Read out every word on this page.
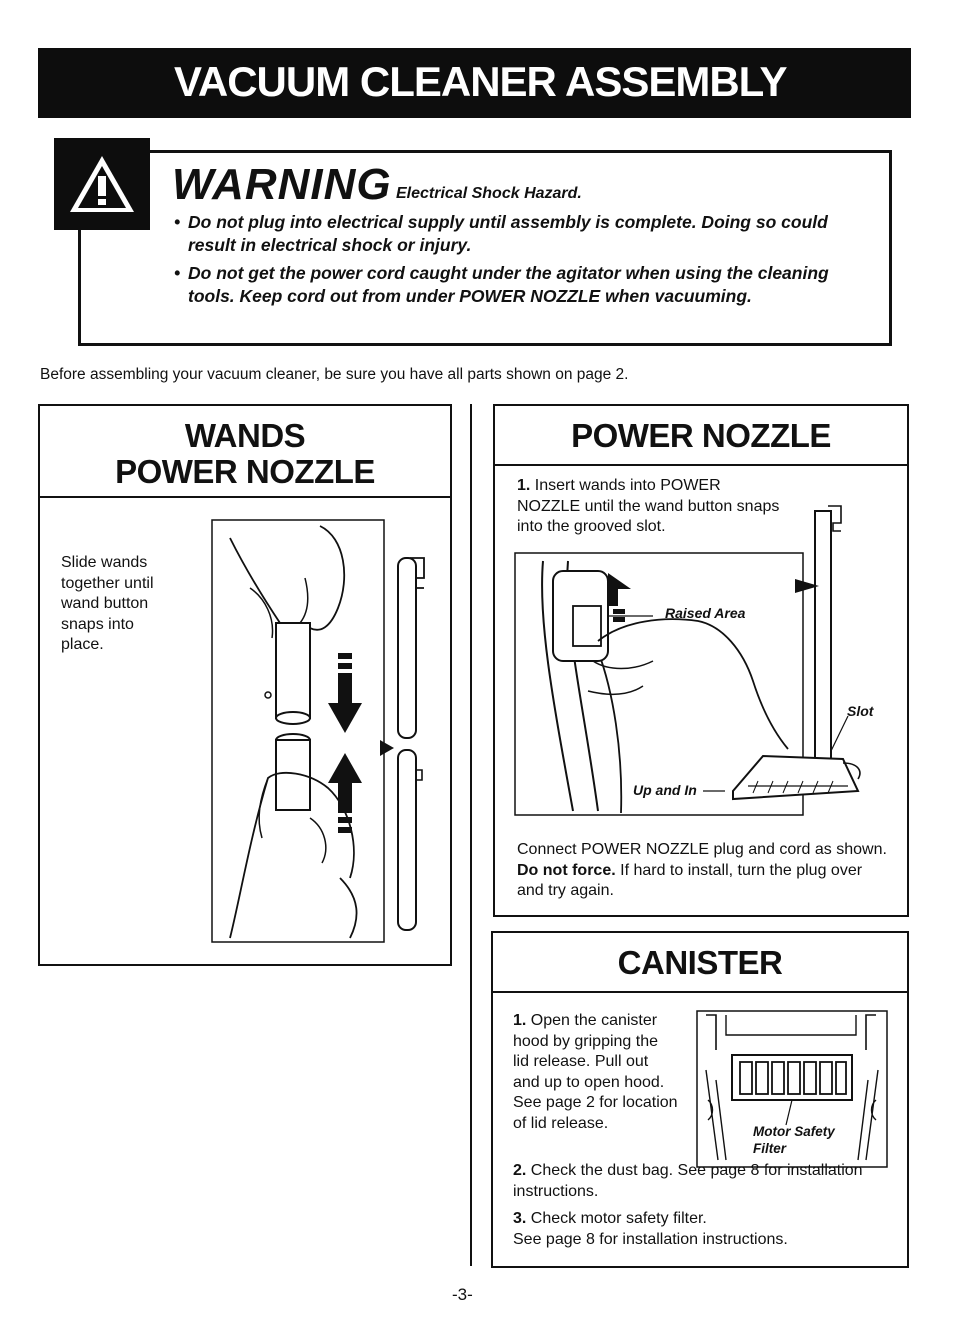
VACUUM CLEANER ASSEMBLY
WARNING Electrical Shock Hazard.
• Do not plug into electrical supply until assembly is complete. Doing so could result in electrical shock or injury.
• Do not get the power cord caught under the agitator when using the cleaning tools. Keep cord out from under POWER NOZZLE when vacuuming.
Before assembling your vacuum cleaner, be sure you have all parts shown on page 2.
WANDS
POWER NOZZLE
Slide wands together until wand button snaps into place.
POWER NOZZLE
1. Insert wands into POWER NOZZLE until the wand button snaps into the grooved slot.
Raised Area
Slot
Up and In
Connect POWER NOZZLE plug and cord as shown. Do not force. If hard to install, turn the plug over and try again.
CANISTER
1. Open the canister hood by gripping the lid release. Pull out and up to open hood. See page 2 for location of lid release.	Motor Safety
Filter
2. Check the dust bag. See page 8 for installation instructions.
3. Check motor safety filter.
See page 8 for installation instructions.
-3-
